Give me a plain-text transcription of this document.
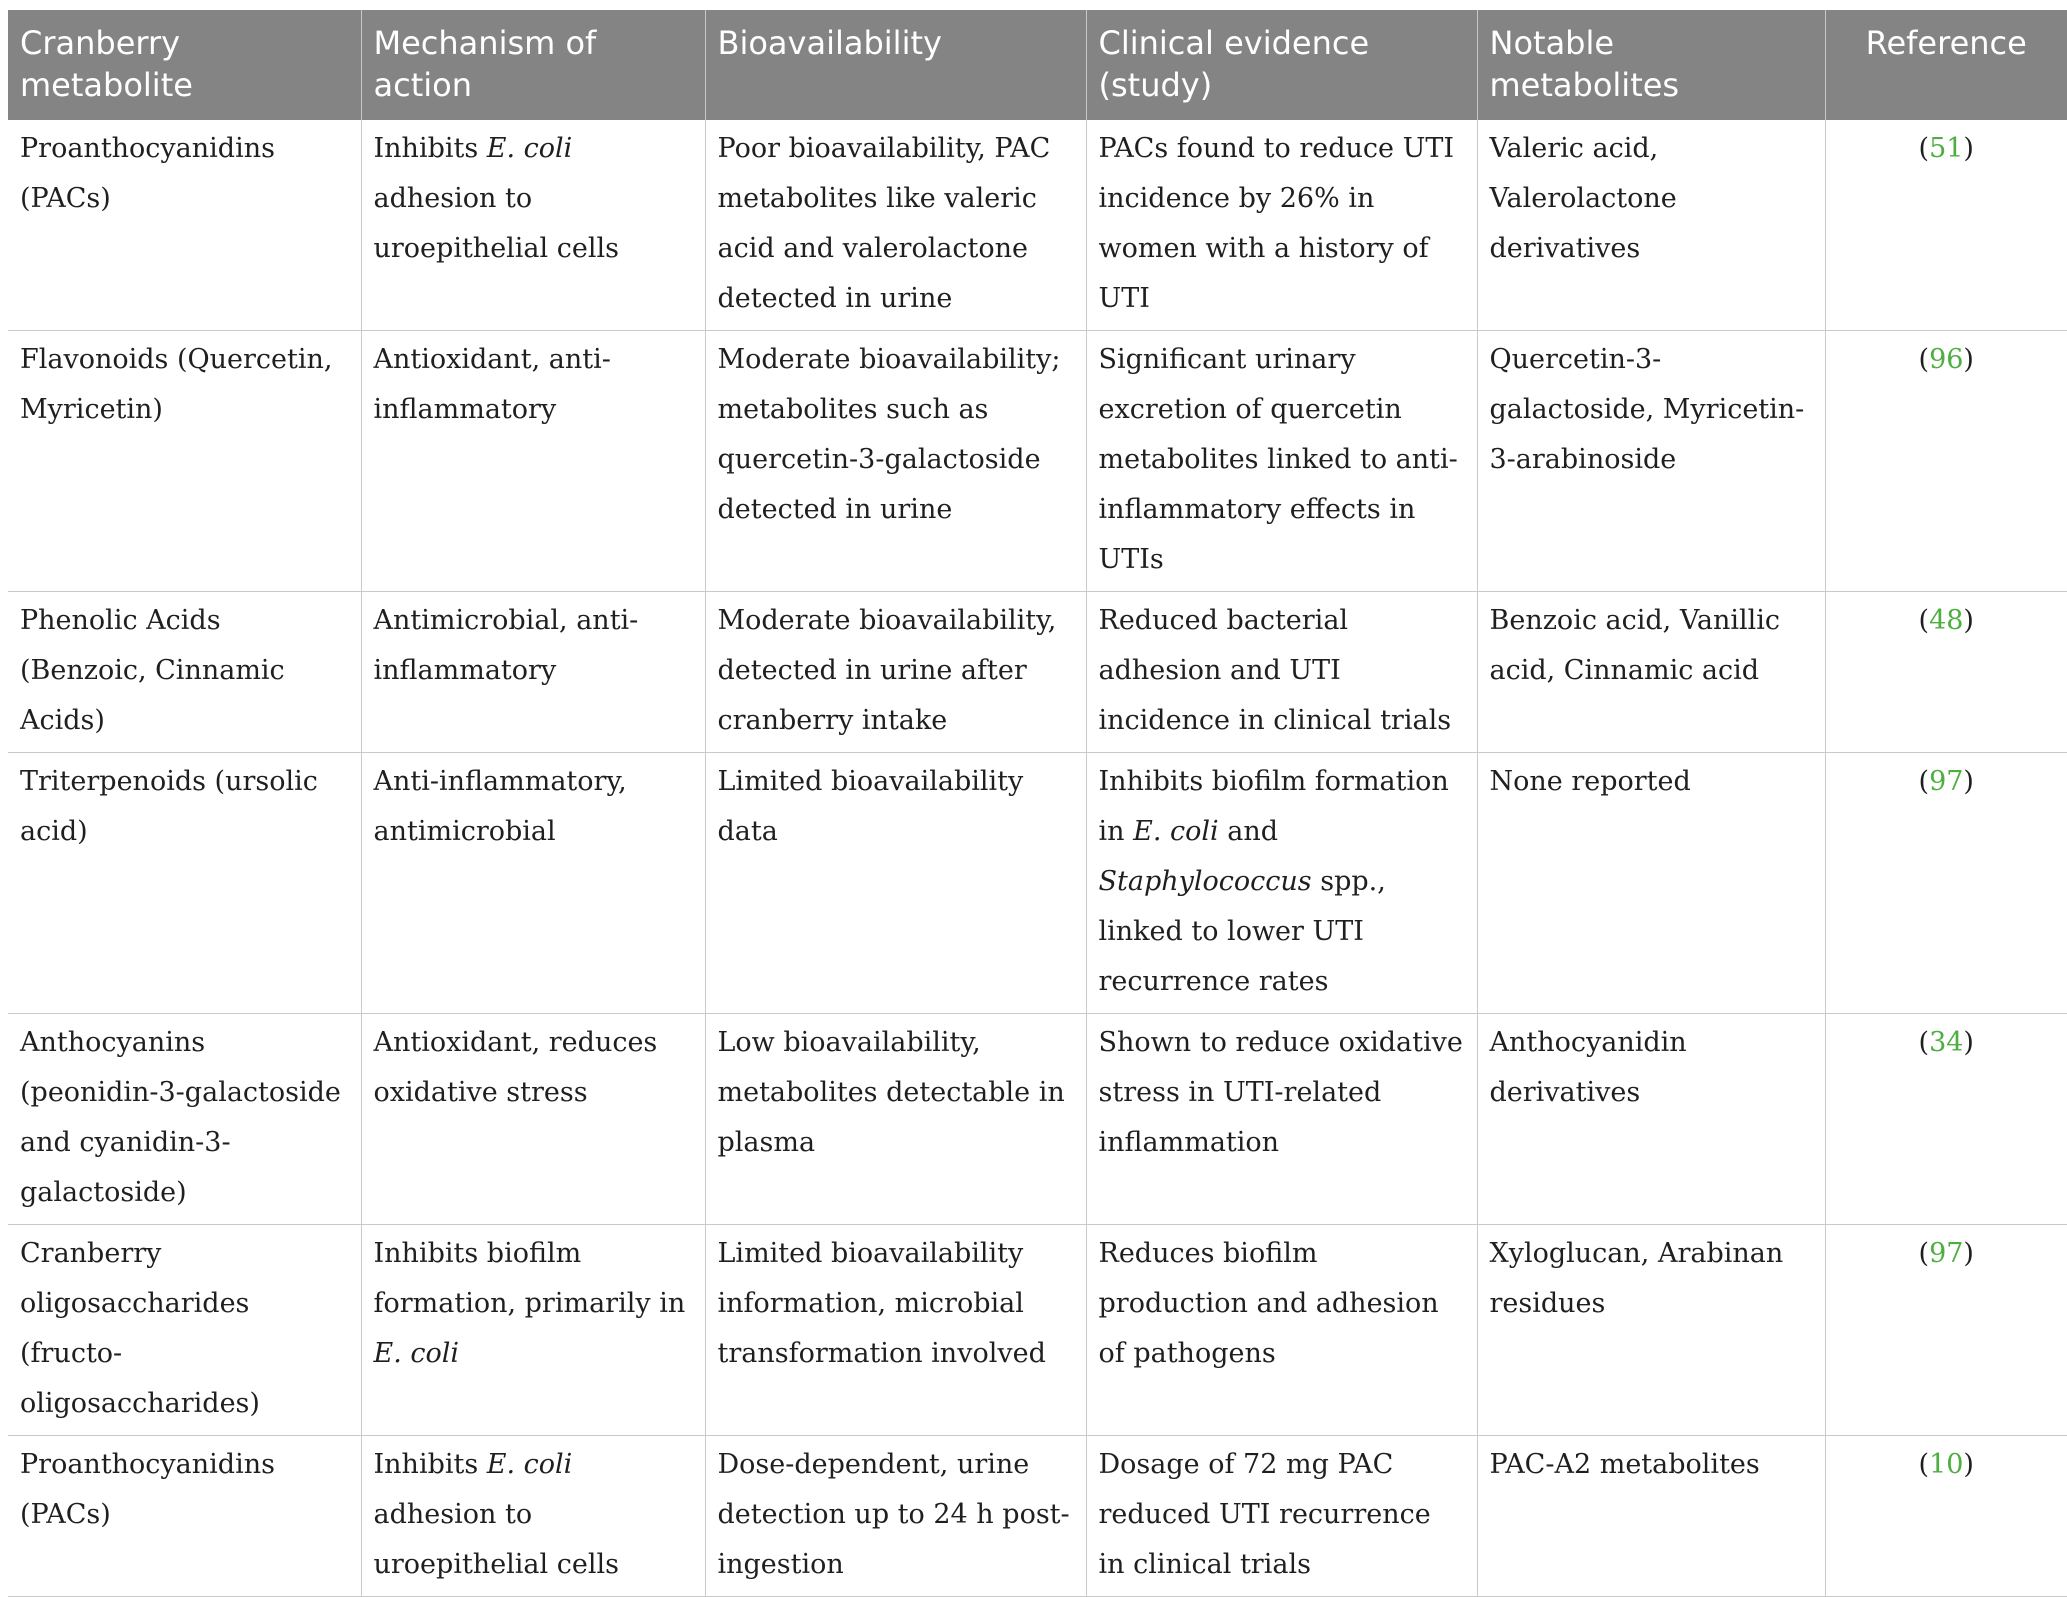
Cranberry metabolite	Mechanism of action	Bioavailability	Clinical evidence (study)	Notable metabolites	Reference
Proanthocyanidins (PACs)	Inhibits E. coli adhesion to uroepithelial cells	Poor bioavailability, PAC metabolites like valeric acid and valerolactone detected in urine	PACs found to reduce UTI incidence by 26% in women with a history of UTI	Valeric acid, Valerolactone derivatives	(51)
Flavonoids (Quercetin, Myricetin)	Antioxidant, anti-inflammatory	Moderate bioavailability; metabolites such as quercetin-3-galactoside detected in urine	Significant urinary excretion of quercetin metabolites linked to anti-inflammatory effects in UTIs	Quercetin-3-galactoside, Myricetin-3-arabinoside	(96)
Phenolic Acids (Benzoic, Cinnamic Acids)	Antimicrobial, anti-inflammatory	Moderate bioavailability, detected in urine after cranberry intake	Reduced bacterial adhesion and UTI incidence in clinical trials	Benzoic acid, Vanillic acid, Cinnamic acid	(48)
Triterpenoids (ursolic acid)	Anti-inflammatory, antimicrobial	Limited bioavailability data	Inhibits biofilm formation in E. coli and Staphylococcus spp., linked to lower UTI recurrence rates	None reported	(97)
Anthocyanins (peonidin-3-galactoside and cyanidin-3-galactoside)	Antioxidant, reduces oxidative stress	Low bioavailability, metabolites detectable in plasma	Shown to reduce oxidative stress in UTI-related inflammation	Anthocyanidin derivatives	(34)
Cranberry oligosaccharides (fructo-oligosaccharides)	Inhibits biofilm formation, primarily in E. coli	Limited bioavailability information, microbial transformation involved	Reduces biofilm production and adhesion of pathogens	Xyloglucan, Arabinan residues	(97)
Proanthocyanidins (PACs)	Inhibits E. coli adhesion to uroepithelial cells	Dose-dependent, urine detection up to 24 h post-ingestion	Dosage of 72 mg PAC reduced UTI recurrence in clinical trials	PAC-A2 metabolites	(10)
